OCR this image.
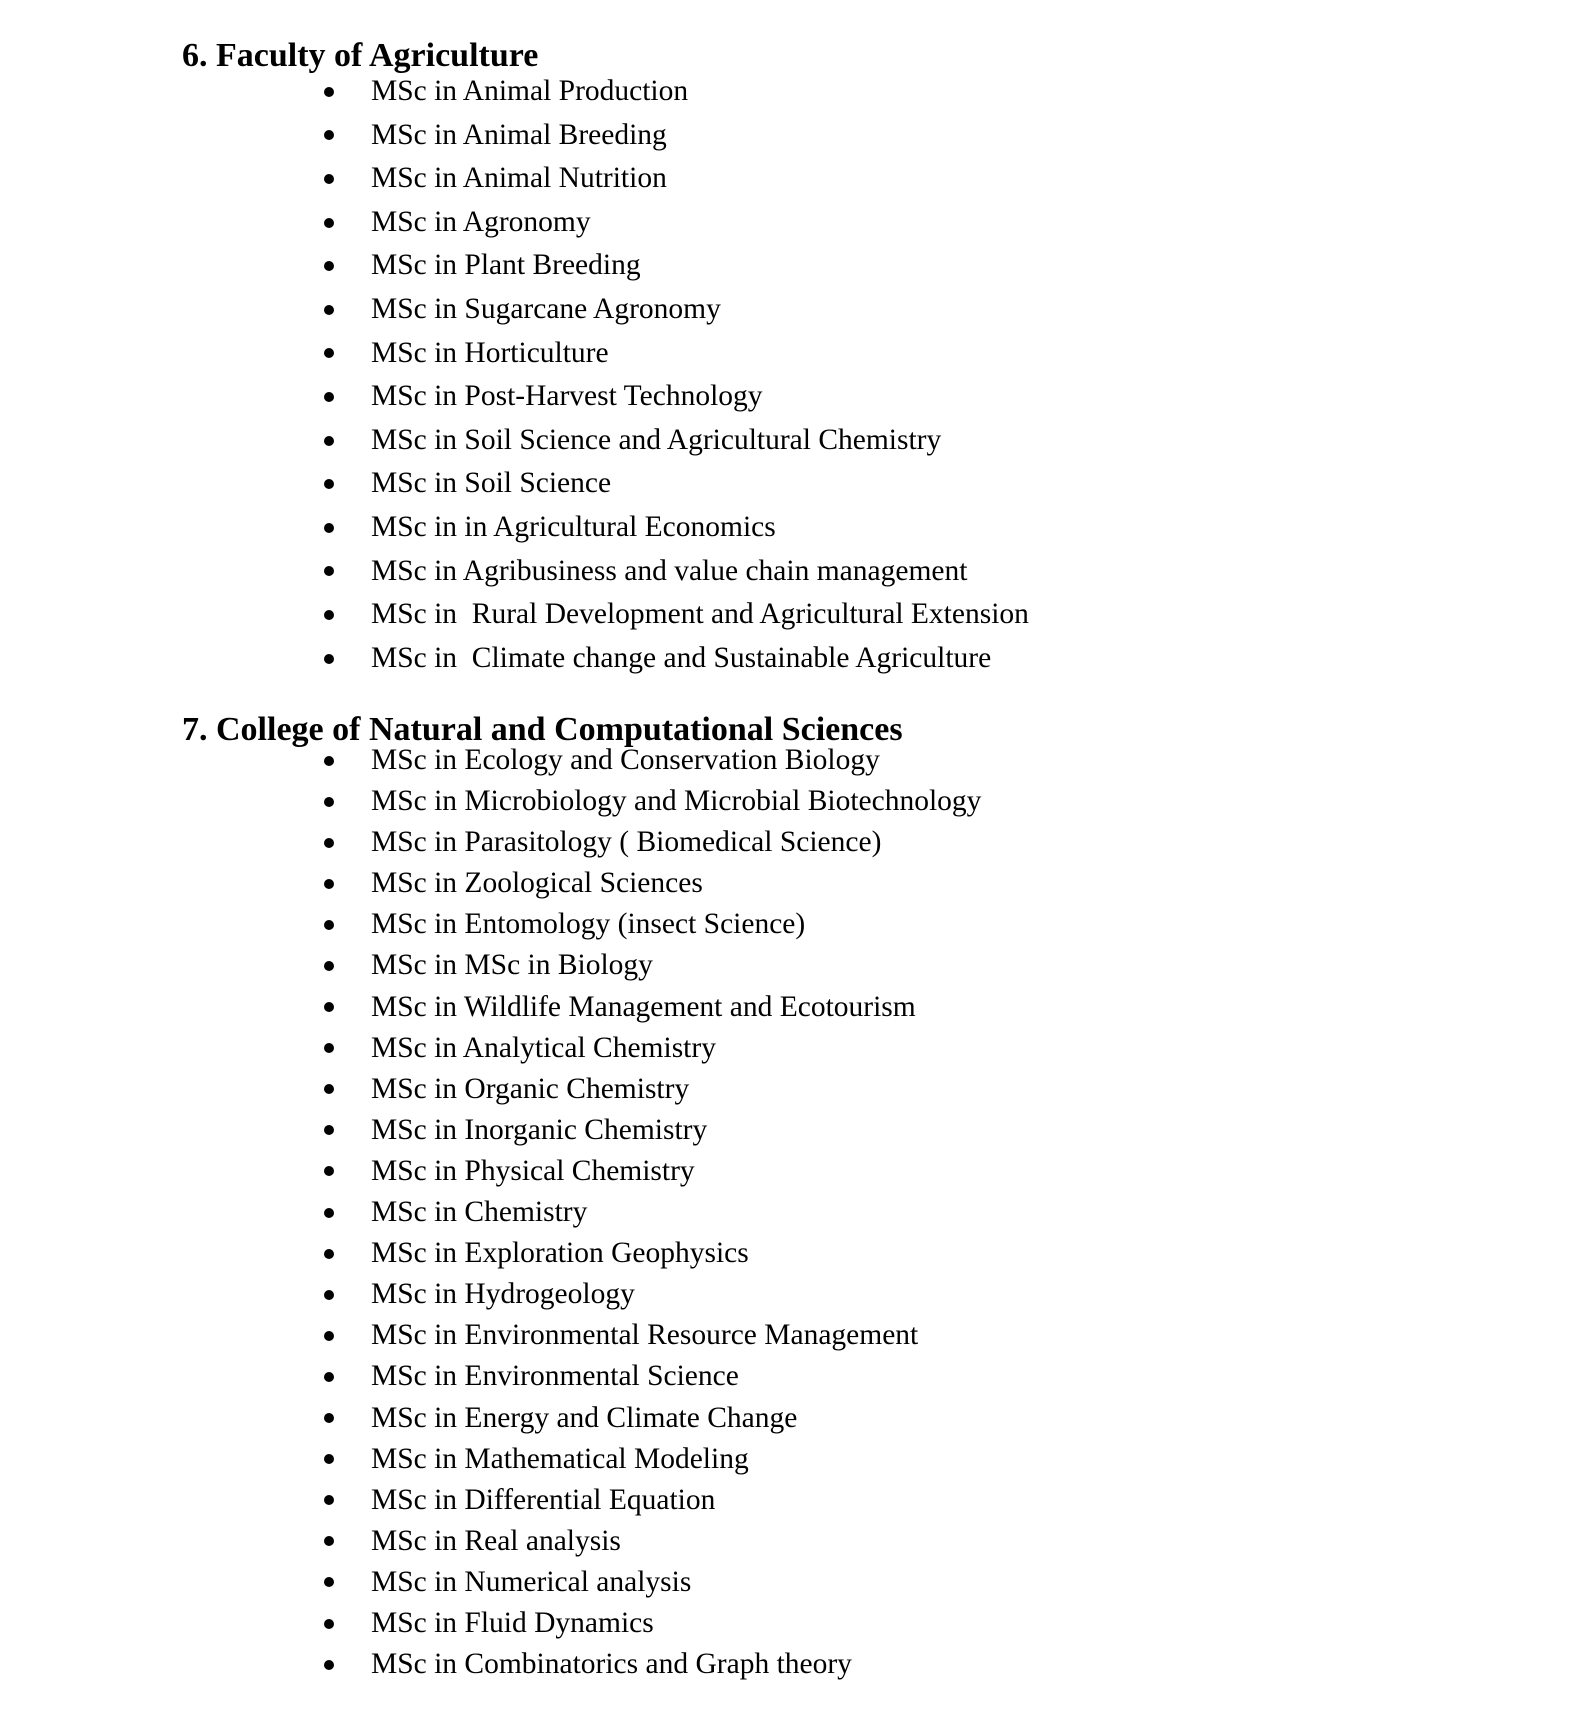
6. Faculty of Agriculture
MSc in Animal Production
MSc in Animal Breeding
MSc in Animal Nutrition
MSc in Agronomy
MSc in Plant Breeding
MSc in Sugarcane Agronomy
MSc in Horticulture
MSc in Post-Harvest Technology
MSc in Soil Science and Agricultural Chemistry
MSc in Soil Science
MSc in in Agricultural Economics
MSc in Agribusiness and value chain management
MSc in  Rural Development and Agricultural Extension
MSc in  Climate change and Sustainable Agriculture
7. College of Natural and Computational Sciences
MSc in Ecology and Conservation Biology
MSc in Microbiology and Microbial Biotechnology
MSc in Parasitology ( Biomedical Science)
MSc in Zoological Sciences
MSc in Entomology (insect Science)
MSc in MSc in Biology
MSc in Wildlife Management and Ecotourism
MSc in Analytical Chemistry
MSc in Organic Chemistry
MSc in Inorganic Chemistry
MSc in Physical Chemistry
MSc in Chemistry
MSc in Exploration Geophysics
MSc in Hydrogeology
MSc in Environmental Resource Management
MSc in Environmental Science
MSc in Energy and Climate Change
MSc in Mathematical Modeling
MSc in Differential Equation
MSc in Real analysis
MSc in Numerical analysis
MSc in Fluid Dynamics
MSc in Combinatorics and Graph theory
